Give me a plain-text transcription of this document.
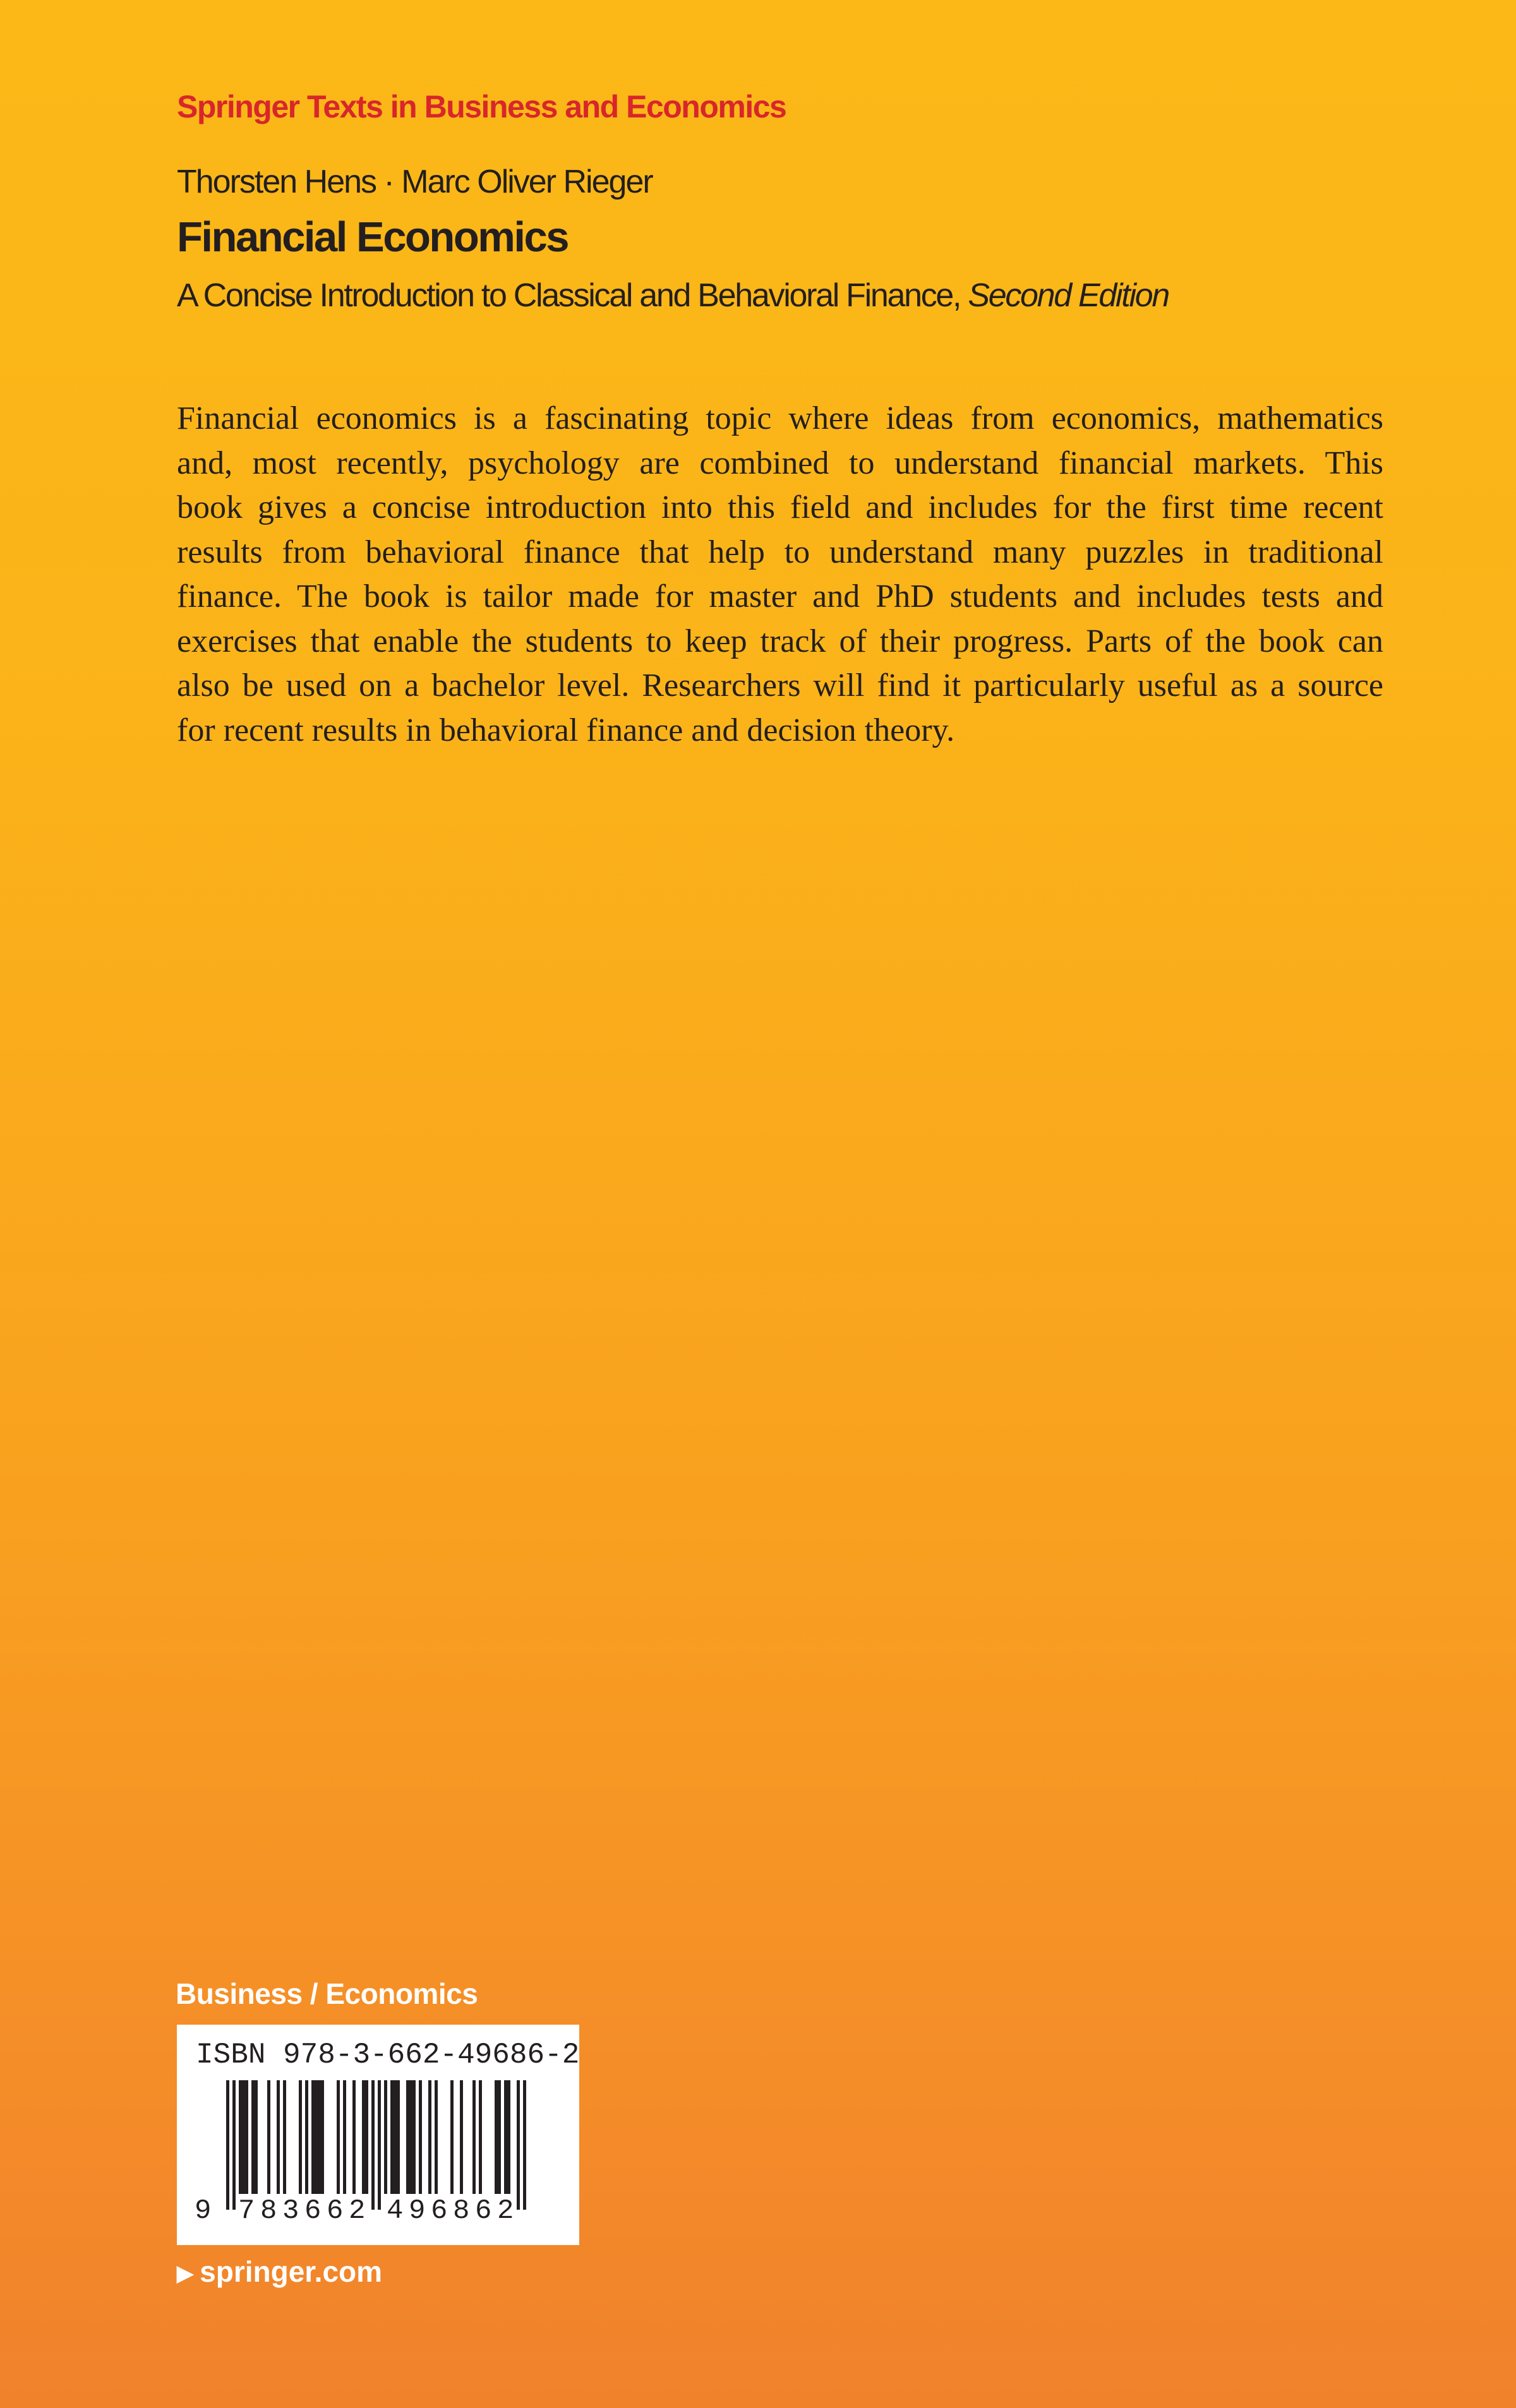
Springer Texts in Business and Economics
Thorsten Hens · Marc Oliver Rieger
Financial Economics
A Concise Introduction to Classical and Behavioral Finance, Second Edition
Financial economics is a fascinating topic where ideas from economics, mathematics
and, most recently, psychology are combined to understand financial markets. This
book gives a concise introduction into this field and includes for the first time recent
results from behavioral finance that help to understand many puzzles in traditional
finance. The book is tailor made for master and PhD students and includes tests and
exercises that enable the students to keep track of their progress. Parts of the book can
also be used on a bachelor level. Researchers will find it particularly useful as a source
for recent results in behavioral finance and decision theory.
Business / Economics
ISBN 978-3-662-49686-2
9 7 8 3 6 6 2 4 9 6 8 6 2
▶ springer.com
